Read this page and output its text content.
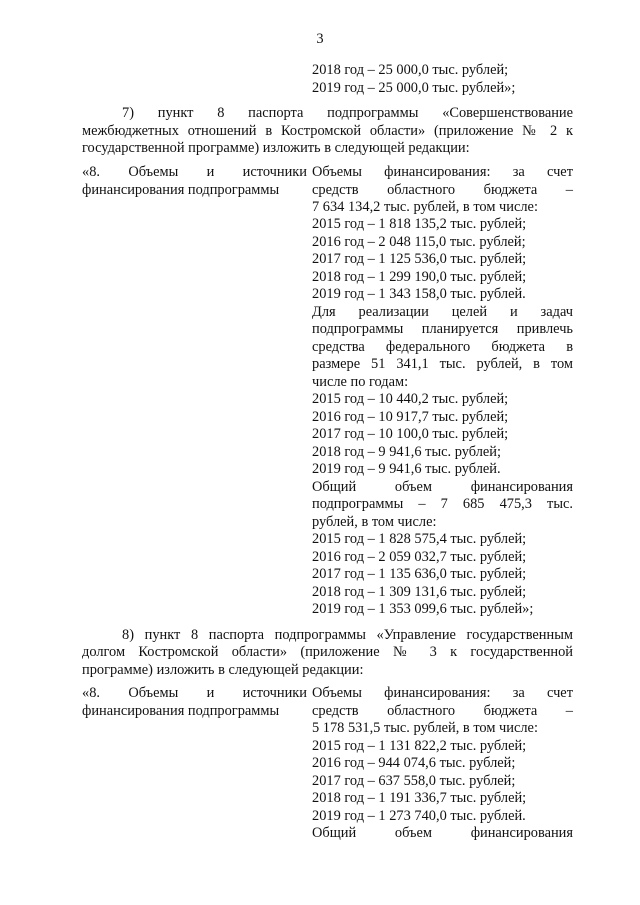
3
2018 год – 25 000,0 тыс. рублей;
2019 год – 25 000,0 тыс. рублей»;
7) пункт 8 паспорта подпрограммы «Совершенствование
межбюджетных отношений в Костромской области» (приложение № 2 к
государственной программе) изложить в следующей редакции:
«8. Объемы и источники
финансирования подпрограммы
Объемы финансирования: за счет
средств областного бюджета –
7 634 134,2 тыс. рублей, в том числе:
2015 год – 1 818 135,2 тыс. рублей;
2016 год – 2 048 115,0 тыс. рублей;
2017 год – 1 125 536,0 тыс. рублей;
2018 год – 1 299 190,0 тыс. рублей;
2019 год – 1 343 158,0 тыс. рублей.
Для реализации целей и задач
подпрограммы планируется привлечь
средства федерального бюджета в
размере 51 341,1 тыс. рублей, в том
числе по годам:
2015 год – 10 440,2 тыс. рублей;
2016 год – 10 917,7 тыс. рублей;
2017 год – 10 100,0 тыс. рублей;
2018 год – 9 941,6 тыс. рублей;
2019 год – 9 941,6 тыс. рублей.
Общий объем финансирования
подпрограммы – 7 685 475,3 тыс.
рублей, в том числе:
2015 год – 1 828 575,4 тыс. рублей;
2016 год – 2 059 032,7 тыс. рублей;
2017 год – 1 135 636,0 тыс. рублей;
2018 год – 1 309 131,6 тыс. рублей;
2019 год – 1 353 099,6 тыс. рублей»;
8) пункт 8 паспорта подпрограммы «Управление государственным
долгом Костромской области» (приложение № 3 к государственной
программе) изложить в следующей редакции:
«8. Объемы и источники
финансирования подпрограммы
Объемы финансирования: за счет
средств областного бюджета –
5 178 531,5 тыс. рублей, в том числе:
2015 год – 1 131 822,2 тыс. рублей;
2016 год – 944 074,6 тыс. рублей;
2017 год – 637 558,0 тыс. рублей;
2018 год – 1 191 336,7 тыс. рублей;
2019 год – 1 273 740,0 тыс. рублей.
Общий объем финансирования
